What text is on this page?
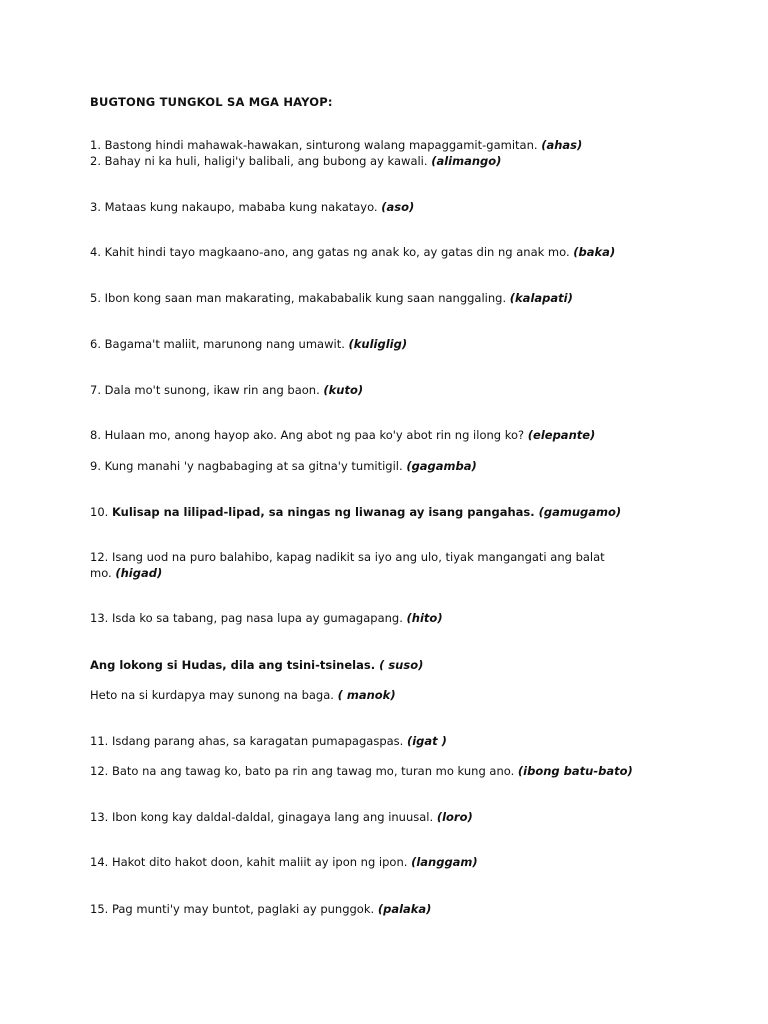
BUGTONG TUNGKOL SA MGA HAYOP:
1. Bastong hindi mahawak-hawakan, sinturong walang mapaggamit-gamitan. (ahas)
2. Bahay ni ka huli, haligi'y balibali, ang bubong ay kawali. (alimango)
3. Mataas kung nakaupo, mababa kung nakatayo. (aso)
4. Kahit hindi tayo magkaano-ano, ang gatas ng anak ko, ay gatas din ng anak mo. (baka)
5. Ibon kong saan man makarating, makababalik kung saan nanggaling. (kalapati)
6. Bagama't maliit, marunong nang umawit. (kuliglig)
7. Dala mo't sunong, ikaw rin ang baon. (kuto)
8. Hulaan mo, anong hayop ako. Ang abot ng paa ko'y abot rin ng ilong ko? (elepante)
9. Kung manahi 'y nagbabaging at sa gitna'y tumitigil. (gagamba)
10. Kulisap na lilipad-lipad, sa ningas ng liwanag ay isang pangahas. (gamugamo)
12. Isang uod na puro balahibo, kapag nadikit sa iyo ang ulo, tiyak mangangati ang balat
mo. (higad)
13. Isda ko sa tabang, pag nasa lupa ay gumagapang. (hito)
Ang lokong si Hudas, dila ang tsini-tsinelas. ( suso)
Heto na si kurdapya may sunong na baga. ( manok)
11. Isdang parang ahas, sa karagatan pumapagaspas. (igat )
12. Bato na ang tawag ko, bato pa rin ang tawag mo, turan mo kung ano. (ibong batu-bato)
13. Ibon kong kay daldal-daldal, ginagaya lang ang inuusal. (loro)
14. Hakot dito hakot doon, kahit maliit ay ipon ng ipon. (langgam)
15. Pag munti'y may buntot, paglaki ay punggok. (palaka)
